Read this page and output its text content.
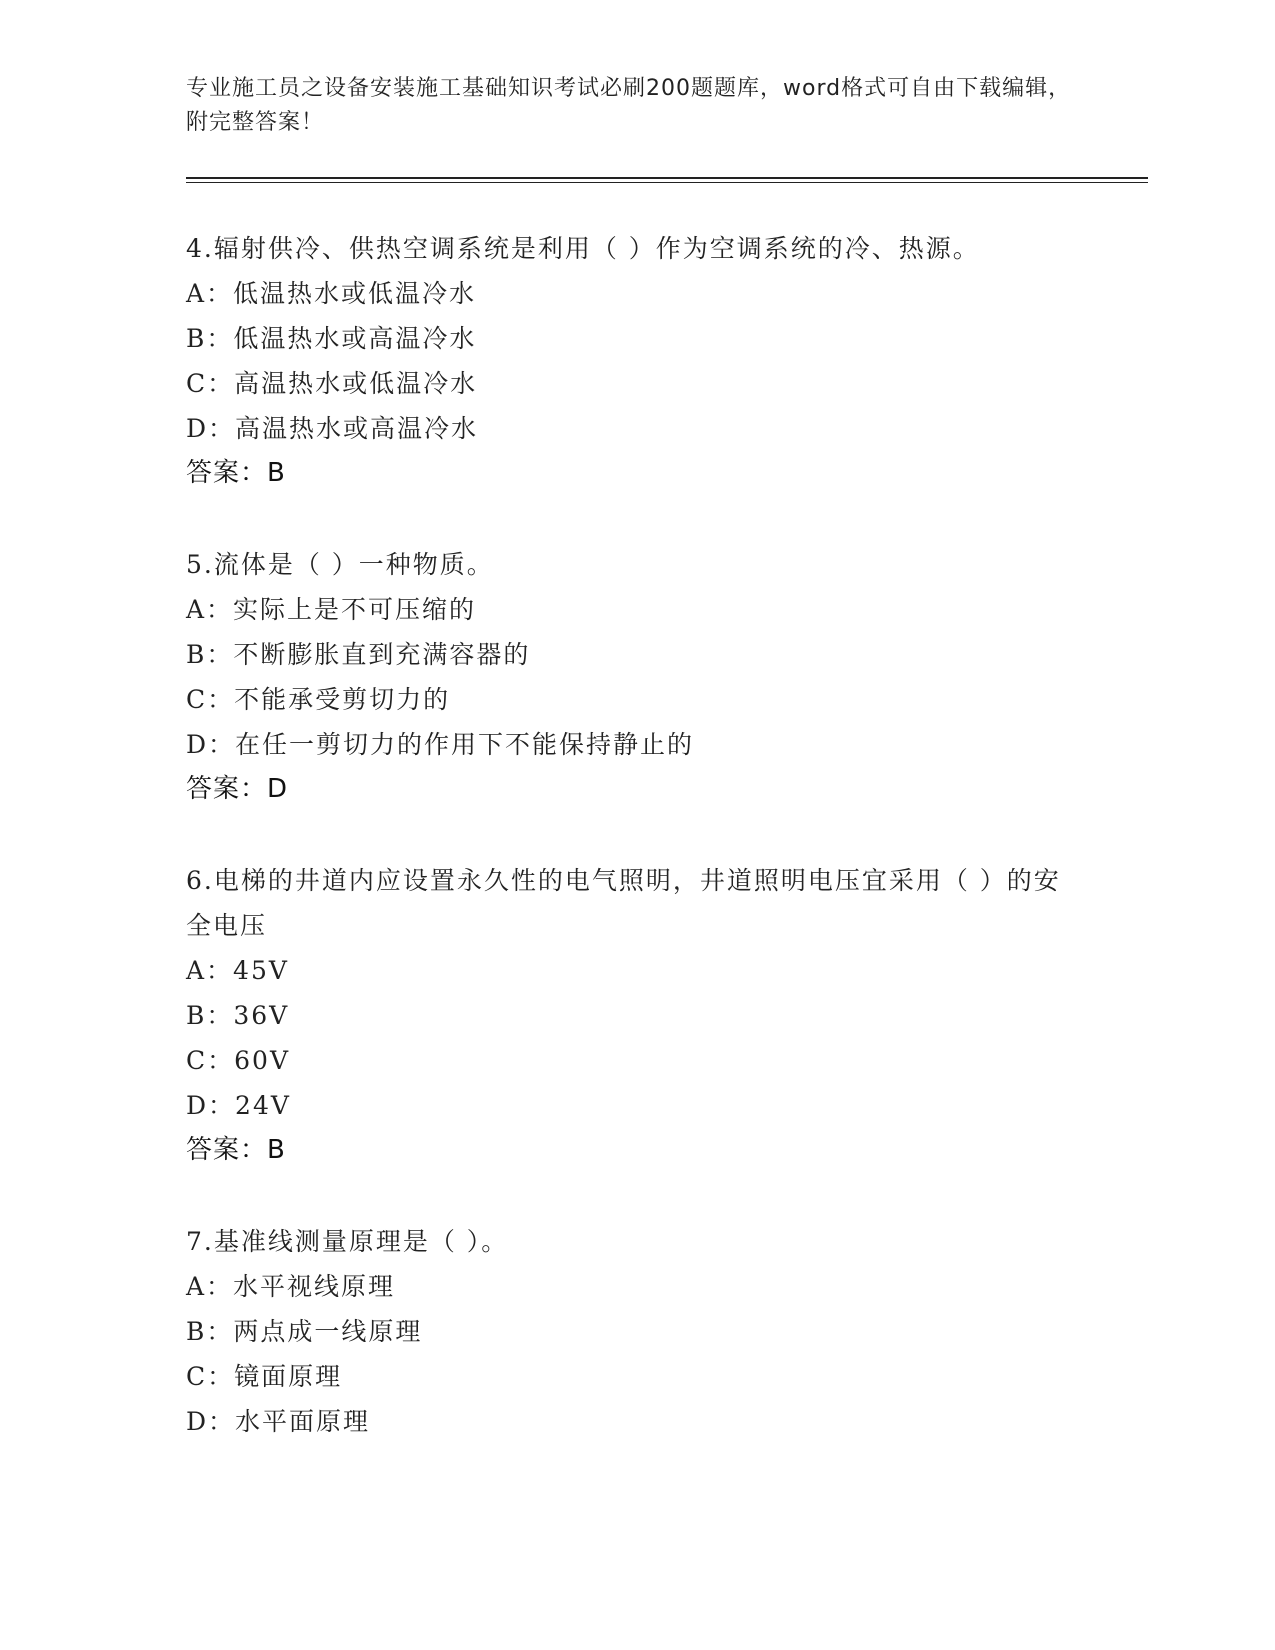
专业施工员之设备安装施工基础知识考试必刷200题题库，word格式可自由下载编辑，附完整答案！

4.辐射供冷、供热空调系统是利用（ ）作为空调系统的冷、热源。

A：低温热水或低温冷水

B：低温热水或高温冷水

C：高温热水或低温冷水

D：高温热水或高温冷水

答案：B

5.流体是（ ）一种物质。

A：实际上是不可压缩的

B：不断膨胀直到充满容器的

C：不能承受剪切力的

D：在任一剪切力的作用下不能保持静止的

答案：D

6.电梯的井道内应设置永久性的电气照明，井道照明电压宜采用（ ）的安全电压

A：45V

B：36V

C：60V

D：24V

答案：B

7.基准线测量原理是（ ）。

A：水平视线原理

B：两点成一线原理

C：镜面原理

D：水平面原理
